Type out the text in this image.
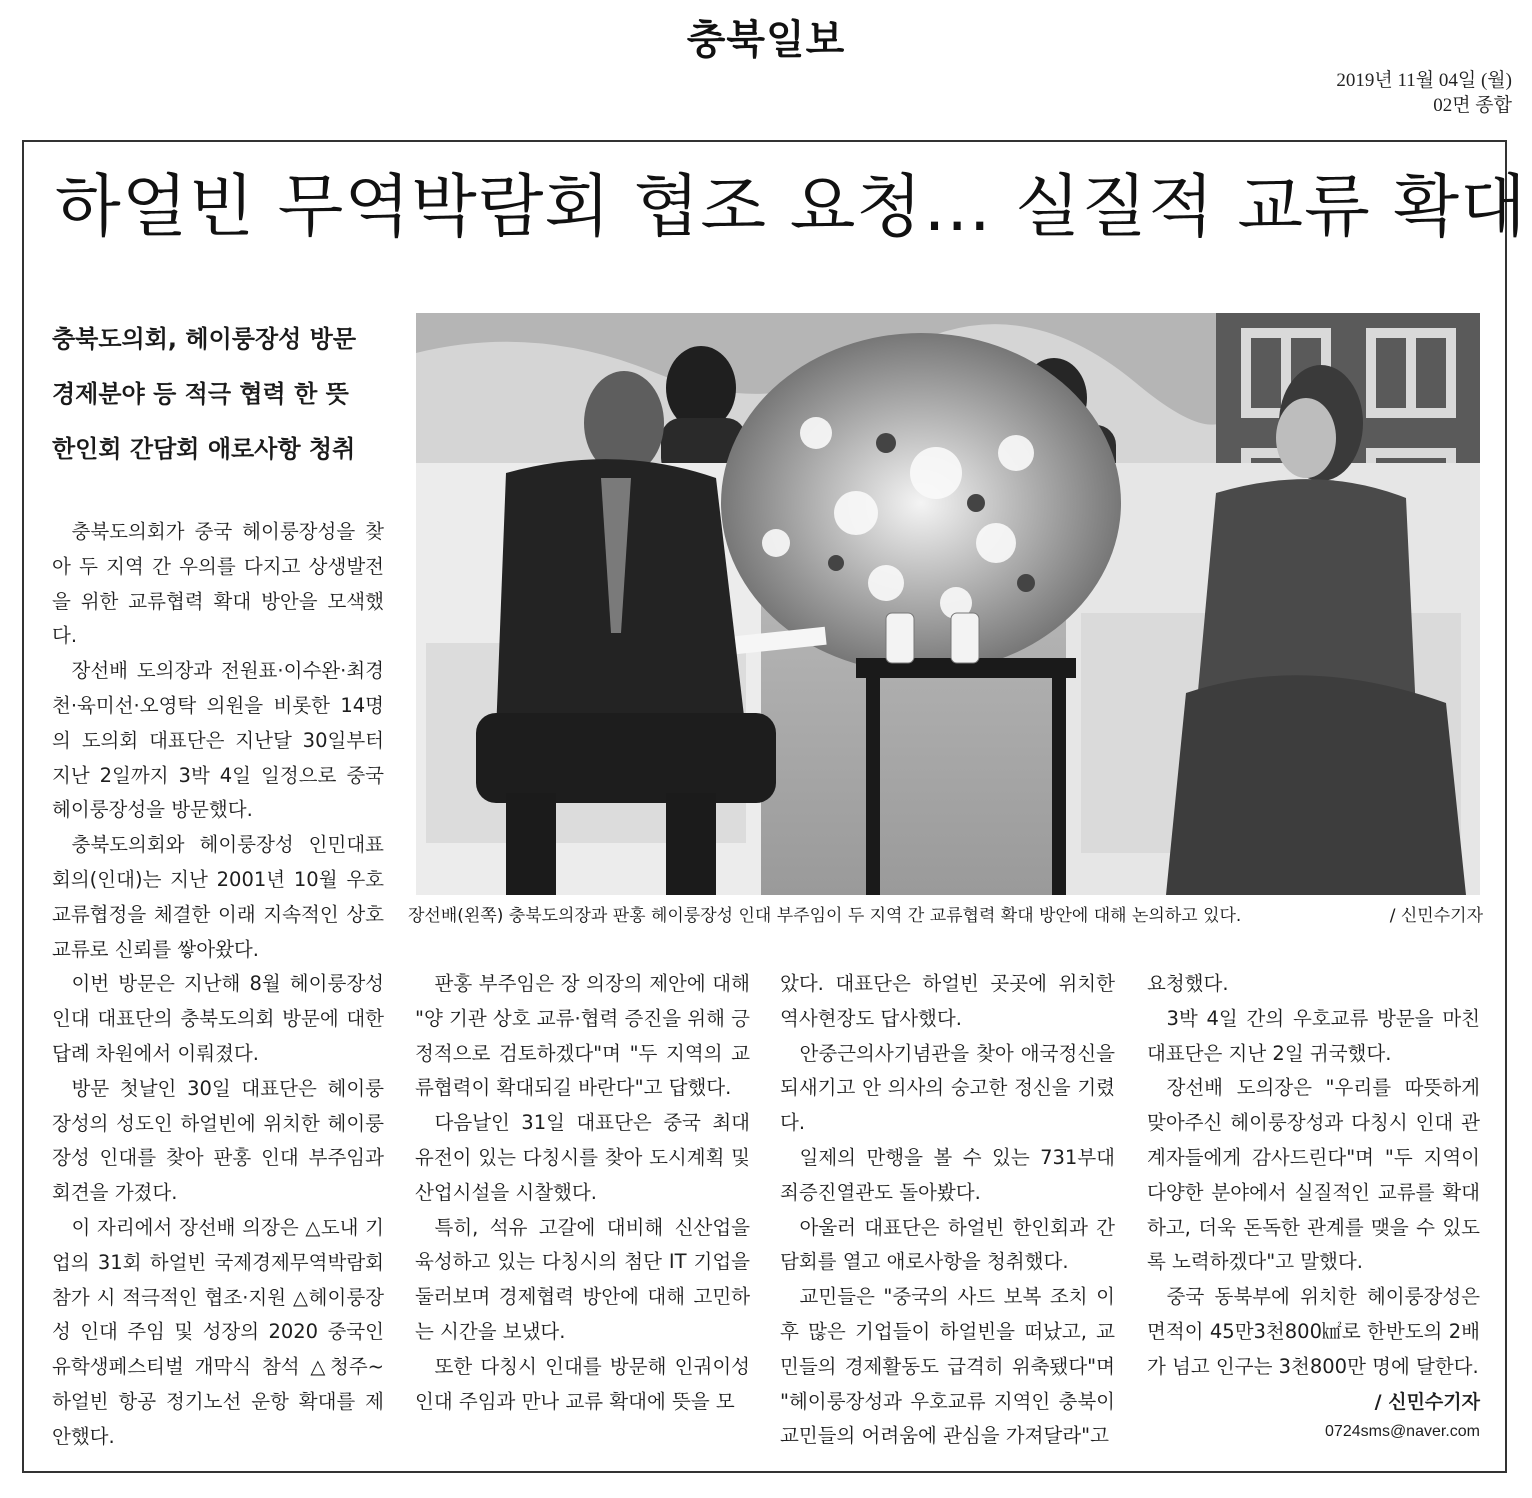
충북일보
2019년 11월 04일 (월)
02면 종합
하얼빈 무역박람회 협조 요청… 실질적 교류 확대
충북도의회, 헤이룽장성 방문
경제분야 등 적극 협력 한 뜻
한인회 간담회 애로사항 청취
장선배(왼쪽) 충북도의장과 판홍 헤이룽장성 인대 부주임이 두 지역 간 교류협력 확대 방안에 대해 논의하고 있다.	/ 신민수기자

충북도의회가 중국 헤이룽장성을 찾아 두 지역 간 우의를 다지고 상생발전을 위한 교류협력 확대 방안을 모색했다.

장선배 도의장과 전원표·이수완·최경천·육미선·오영탁 의원을 비롯한 14명의 도의회 대표단은 지난달 30일부터 지난 2일까지 3박 4일 일정으로 중국 헤이룽장성을 방문했다.

충북도의회와 헤이룽장성 인민대표회의(인대)는 지난 2001년 10월 우호교류협정을 체결한 이래 지속적인 상호 교류로 신뢰를 쌓아왔다.

이번 방문은 지난해 8월 헤이룽장성 인대 대표단의 충북도의회 방문에 대한 답례 차원에서 이뤄졌다.

방문 첫날인 30일 대표단은 헤이룽장성의 성도인 하얼빈에 위치한 헤이룽장성 인대를 찾아 판홍 인대 부주임과 회견을 가졌다.

이 자리에서 장선배 의장은 △도내 기업의 31회 하얼빈 국제경제무역박람회 참가 시 적극적인 협조·지원 △헤이룽장성 인대 주임 및 성장의 2020 중국인 유학생페스티벌 개막식 참석 △청주~하얼빈 항공 정기노선 운항 확대를 제안했다.

판홍 부주임은 장 의장의 제안에 대해 "양 기관 상호 교류·협력 증진을 위해 긍정적으로 검토하겠다"며 "두 지역의 교류협력이 확대되길 바란다"고 답했다.

다음날인 31일 대표단은 중국 최대 유전이 있는 다칭시를 찾아 도시계획 및 산업시설을 시찰했다.

특히, 석유 고갈에 대비해 신산업을 육성하고 있는 다칭시의 첨단 IT 기업을 둘러보며 경제협력 방안에 대해 고민하는 시간을 보냈다.

또한 다칭시 인대를 방문해 인궈이성 인대 주임과 만나 교류 확대에 뜻을 모

았다. 대표단은 하얼빈 곳곳에 위치한 역사현장도 답사했다.

안중근의사기념관을 찾아 애국정신을 되새기고 안 의사의 숭고한 정신을 기렸다.

일제의 만행을 볼 수 있는 731부대 죄증진열관도 돌아봤다.

아울러 대표단은 하얼빈 한인회과 간담회를 열고 애로사항을 청취했다.

교민들은 "중국의 사드 보복 조치 이후 많은 기업들이 하얼빈을 떠났고, 교민들의 경제활동도 급격히 위축됐다"며 "헤이룽장성과 우호교류 지역인 충북이 교민들의 어려움에 관심을 가져달라"고

요청했다.

3박 4일 간의 우호교류 방문을 마친 대표단은 지난 2일 귀국했다.

장선배 도의장은 "우리를 따뜻하게 맞아주신 헤이룽장성과 다칭시 인대 관계자들에게 감사드린다"며 "두 지역이 다양한 분야에서 실질적인 교류를 확대하고, 더욱 돈독한 관계를 맺을 수 있도록 노력하겠다"고 말했다.

중국 동북부에 위치한 헤이룽장성은 면적이 45만3천800㎢로 한반도의 2배가 넘고 인구는 3천800만 명에 달한다.

/ 신민수기자
0724sms@naver.com
